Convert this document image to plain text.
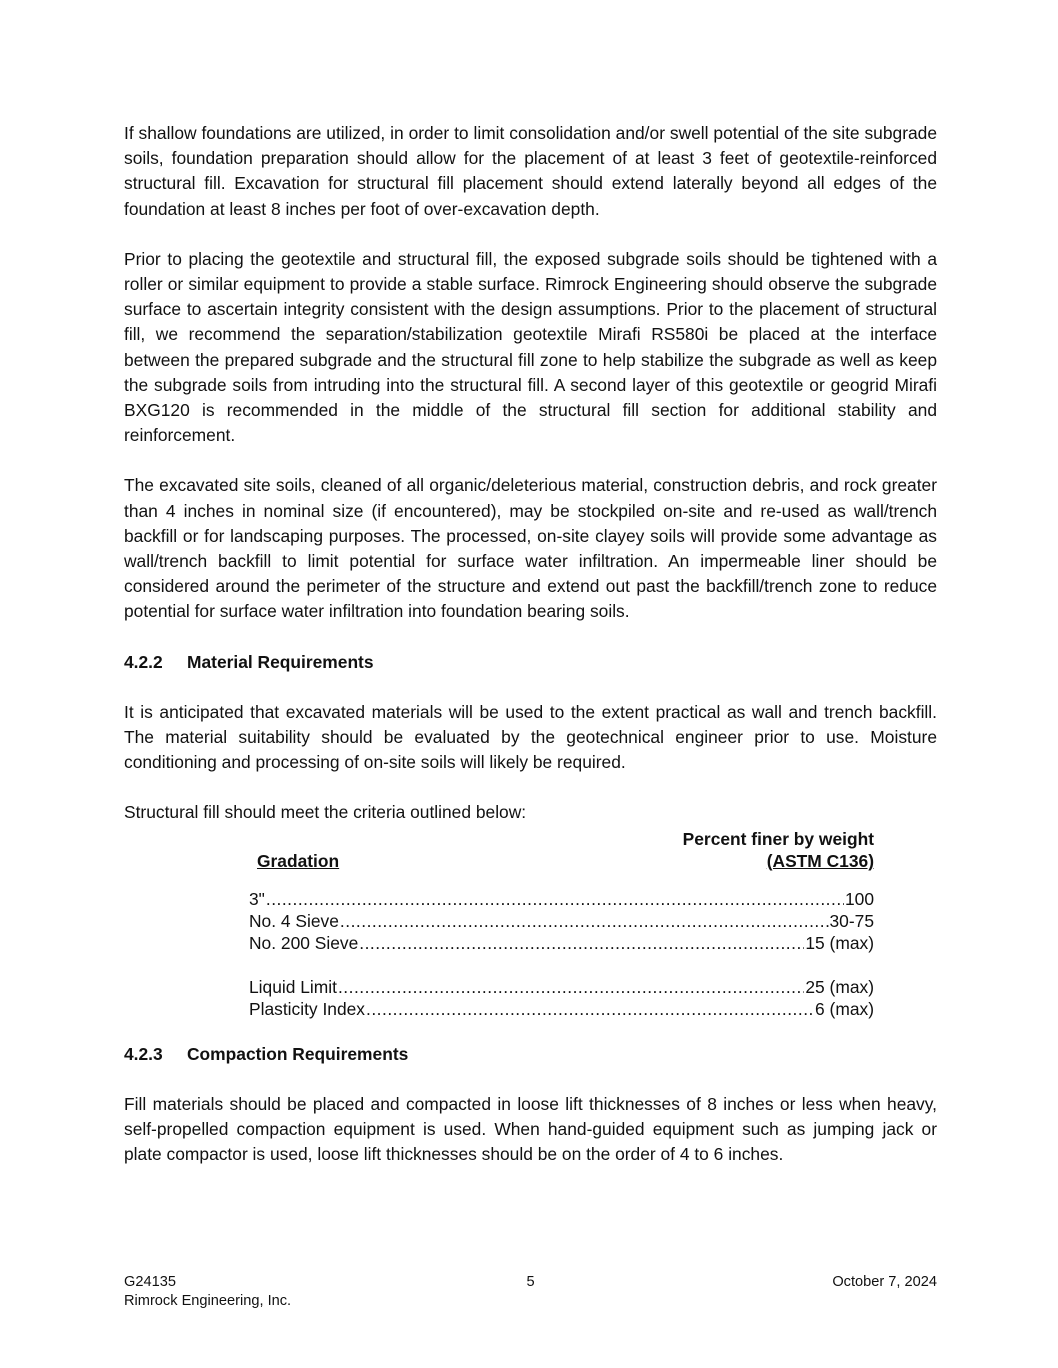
If shallow foundations are utilized, in order to limit consolidation and/or swell potential of the site subgrade soils, foundation preparation should allow for the placement of at least 3 feet of geotextile-reinforced structural fill. Excavation for structural fill placement should extend laterally beyond all edges of the foundation at least 8 inches per foot of over-excavation depth.

Prior to placing the geotextile and structural fill, the exposed subgrade soils should be tightened with a roller or similar equipment to provide a stable surface. Rimrock Engineering should observe the subgrade surface to ascertain integrity consistent with the design assumptions. Prior to the placement of structural fill, we recommend the separation/stabilization geotextile Mirafi RS580i be placed at the interface between the prepared subgrade and the structural fill zone to help stabilize the subgrade as well as keep the subgrade soils from intruding into the structural fill. A second layer of this geotextile or geogrid Mirafi BXG120 is recommended in the middle of the structural fill section for additional stability and reinforcement.

The excavated site soils, cleaned of all organic/deleterious material, construction debris, and rock greater than 4 inches in nominal size (if encountered), may be stockpiled on-site and re-used as wall/trench backfill or for landscaping purposes. The processed, on-site clayey soils will provide some advantage as wall/trench backfill to limit potential for surface water infiltration. An impermeable liner should be considered around the perimeter of the structure and extend out past the backfill/trench zone to reduce potential for surface water infiltration into foundation bearing soils.

4.2.2 Material Requirements

It is anticipated that excavated materials will be used to the extent practical as wall and trench backfill. The material suitability should be evaluated by the geotechnical engineer prior to use. Moisture conditioning and processing of on-site soils will likely be required.

Structural fill should meet the criteria outlined below:

Gradation
Percent finer by weight
(ASTM C136)
3" .....	100
No. 4 Sieve .....	30-75
No. 200 Sieve .....	15 (max)
Liquid Limit .....	25 (max)
Plasticity Index .....	6 (max)
4.2.3 Compaction Requirements

Fill materials should be placed and compacted in loose lift thicknesses of 8 inches or less when heavy, self-propelled compaction equipment is used. When hand-guided equipment such as jumping jack or plate compactor is used, loose lift thicknesses should be on the order of 4 to 6 inches.

G24135
Rimrock Engineering, Inc.
5	October 7, 2024
